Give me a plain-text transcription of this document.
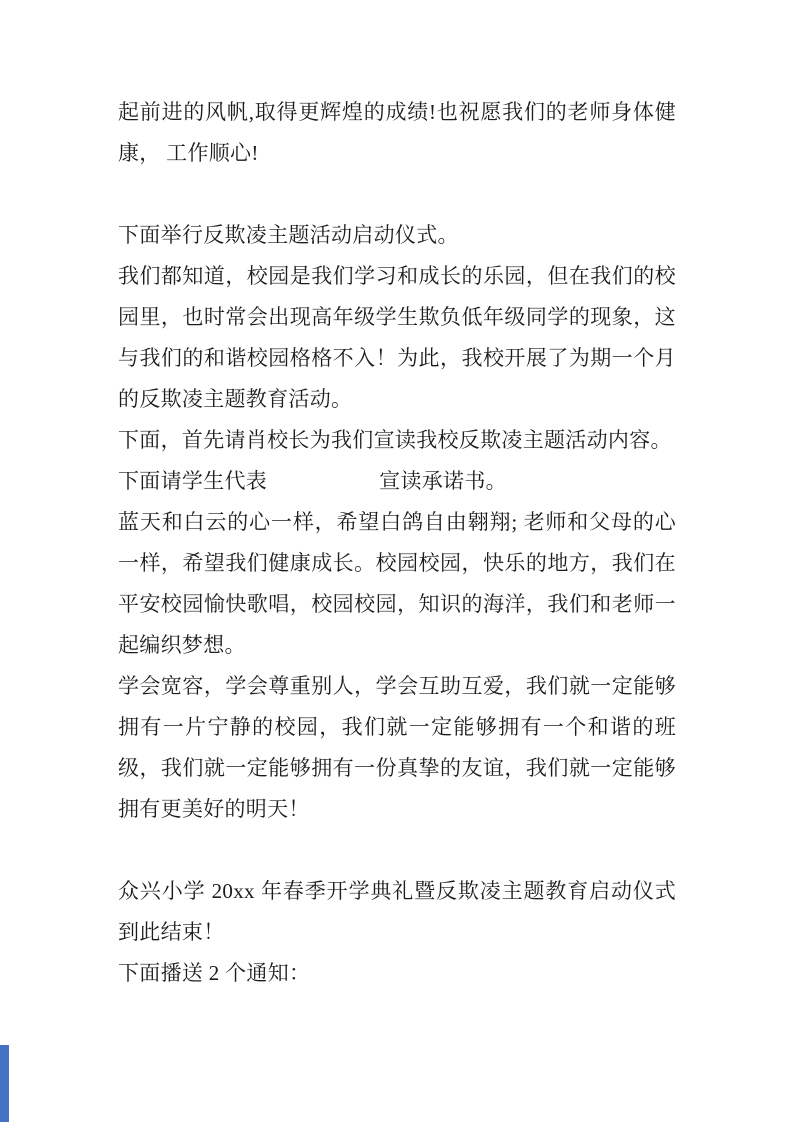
起前进的风帆,取得更辉煌的成绩!也祝愿我们的老师身体健康， 工作顺心!

下面举行反欺凌主题活动启动仪式。

我们都知道，校园是我们学习和成长的乐园，但在我们的校园里，也时常会出现高年级学生欺负低年级同学的现象，这与我们的和谐校园格格不入！为此，我校开展了为期一个月的反欺凌主题教育活动。

下面，首先请肖校长为我们宣读我校反欺凌主题活动内容。

下面请学生代表　　　　　 宣读承诺书。

蓝天和白云的心一样，希望白鸽自由翱翔; 老师和父母的心一样，希望我们健康成长。校园校园，快乐的地方，我们在平安校园愉快歌唱，校园校园，知识的海洋，我们和老师一起编织梦想。

学会宽容，学会尊重别人，学会互助互爱，我们就一定能够拥有一片宁静的校园，我们就一定能够拥有一个和谐的班级，我们就一定能够拥有一份真挚的友谊，我们就一定能够拥有更美好的明天！

众兴小学 20xx 年春季开学典礼暨反欺凌主题教育启动仪式到此结束！

下面播送 2 个通知：
